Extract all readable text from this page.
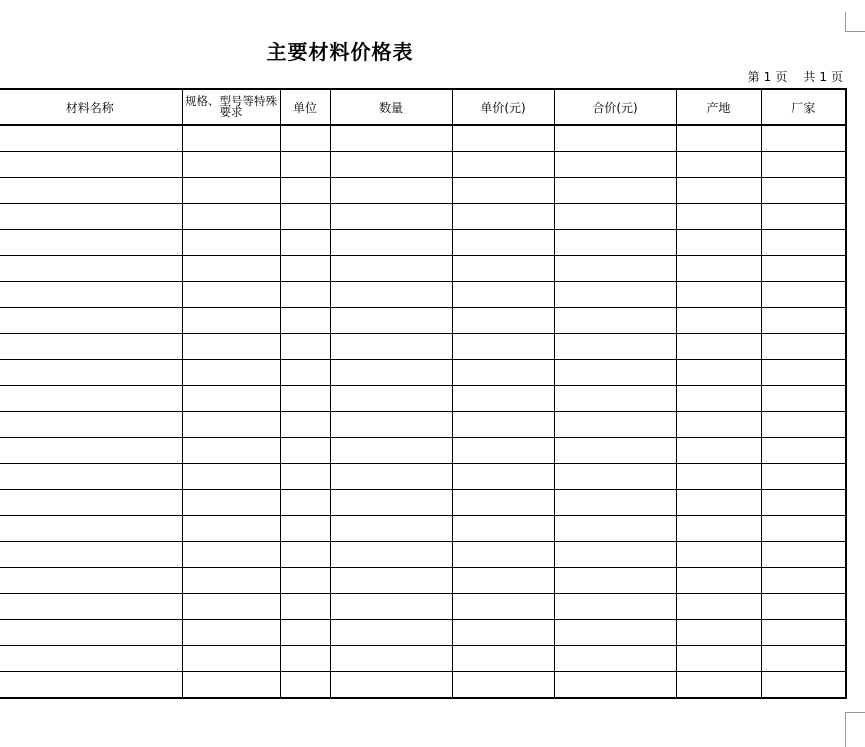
主要材料价格表
第 1 页 共 1 页
材料名称	规格、型号等特殊要求	单位	数量	单价(元)	合价(元)	产地	厂家
